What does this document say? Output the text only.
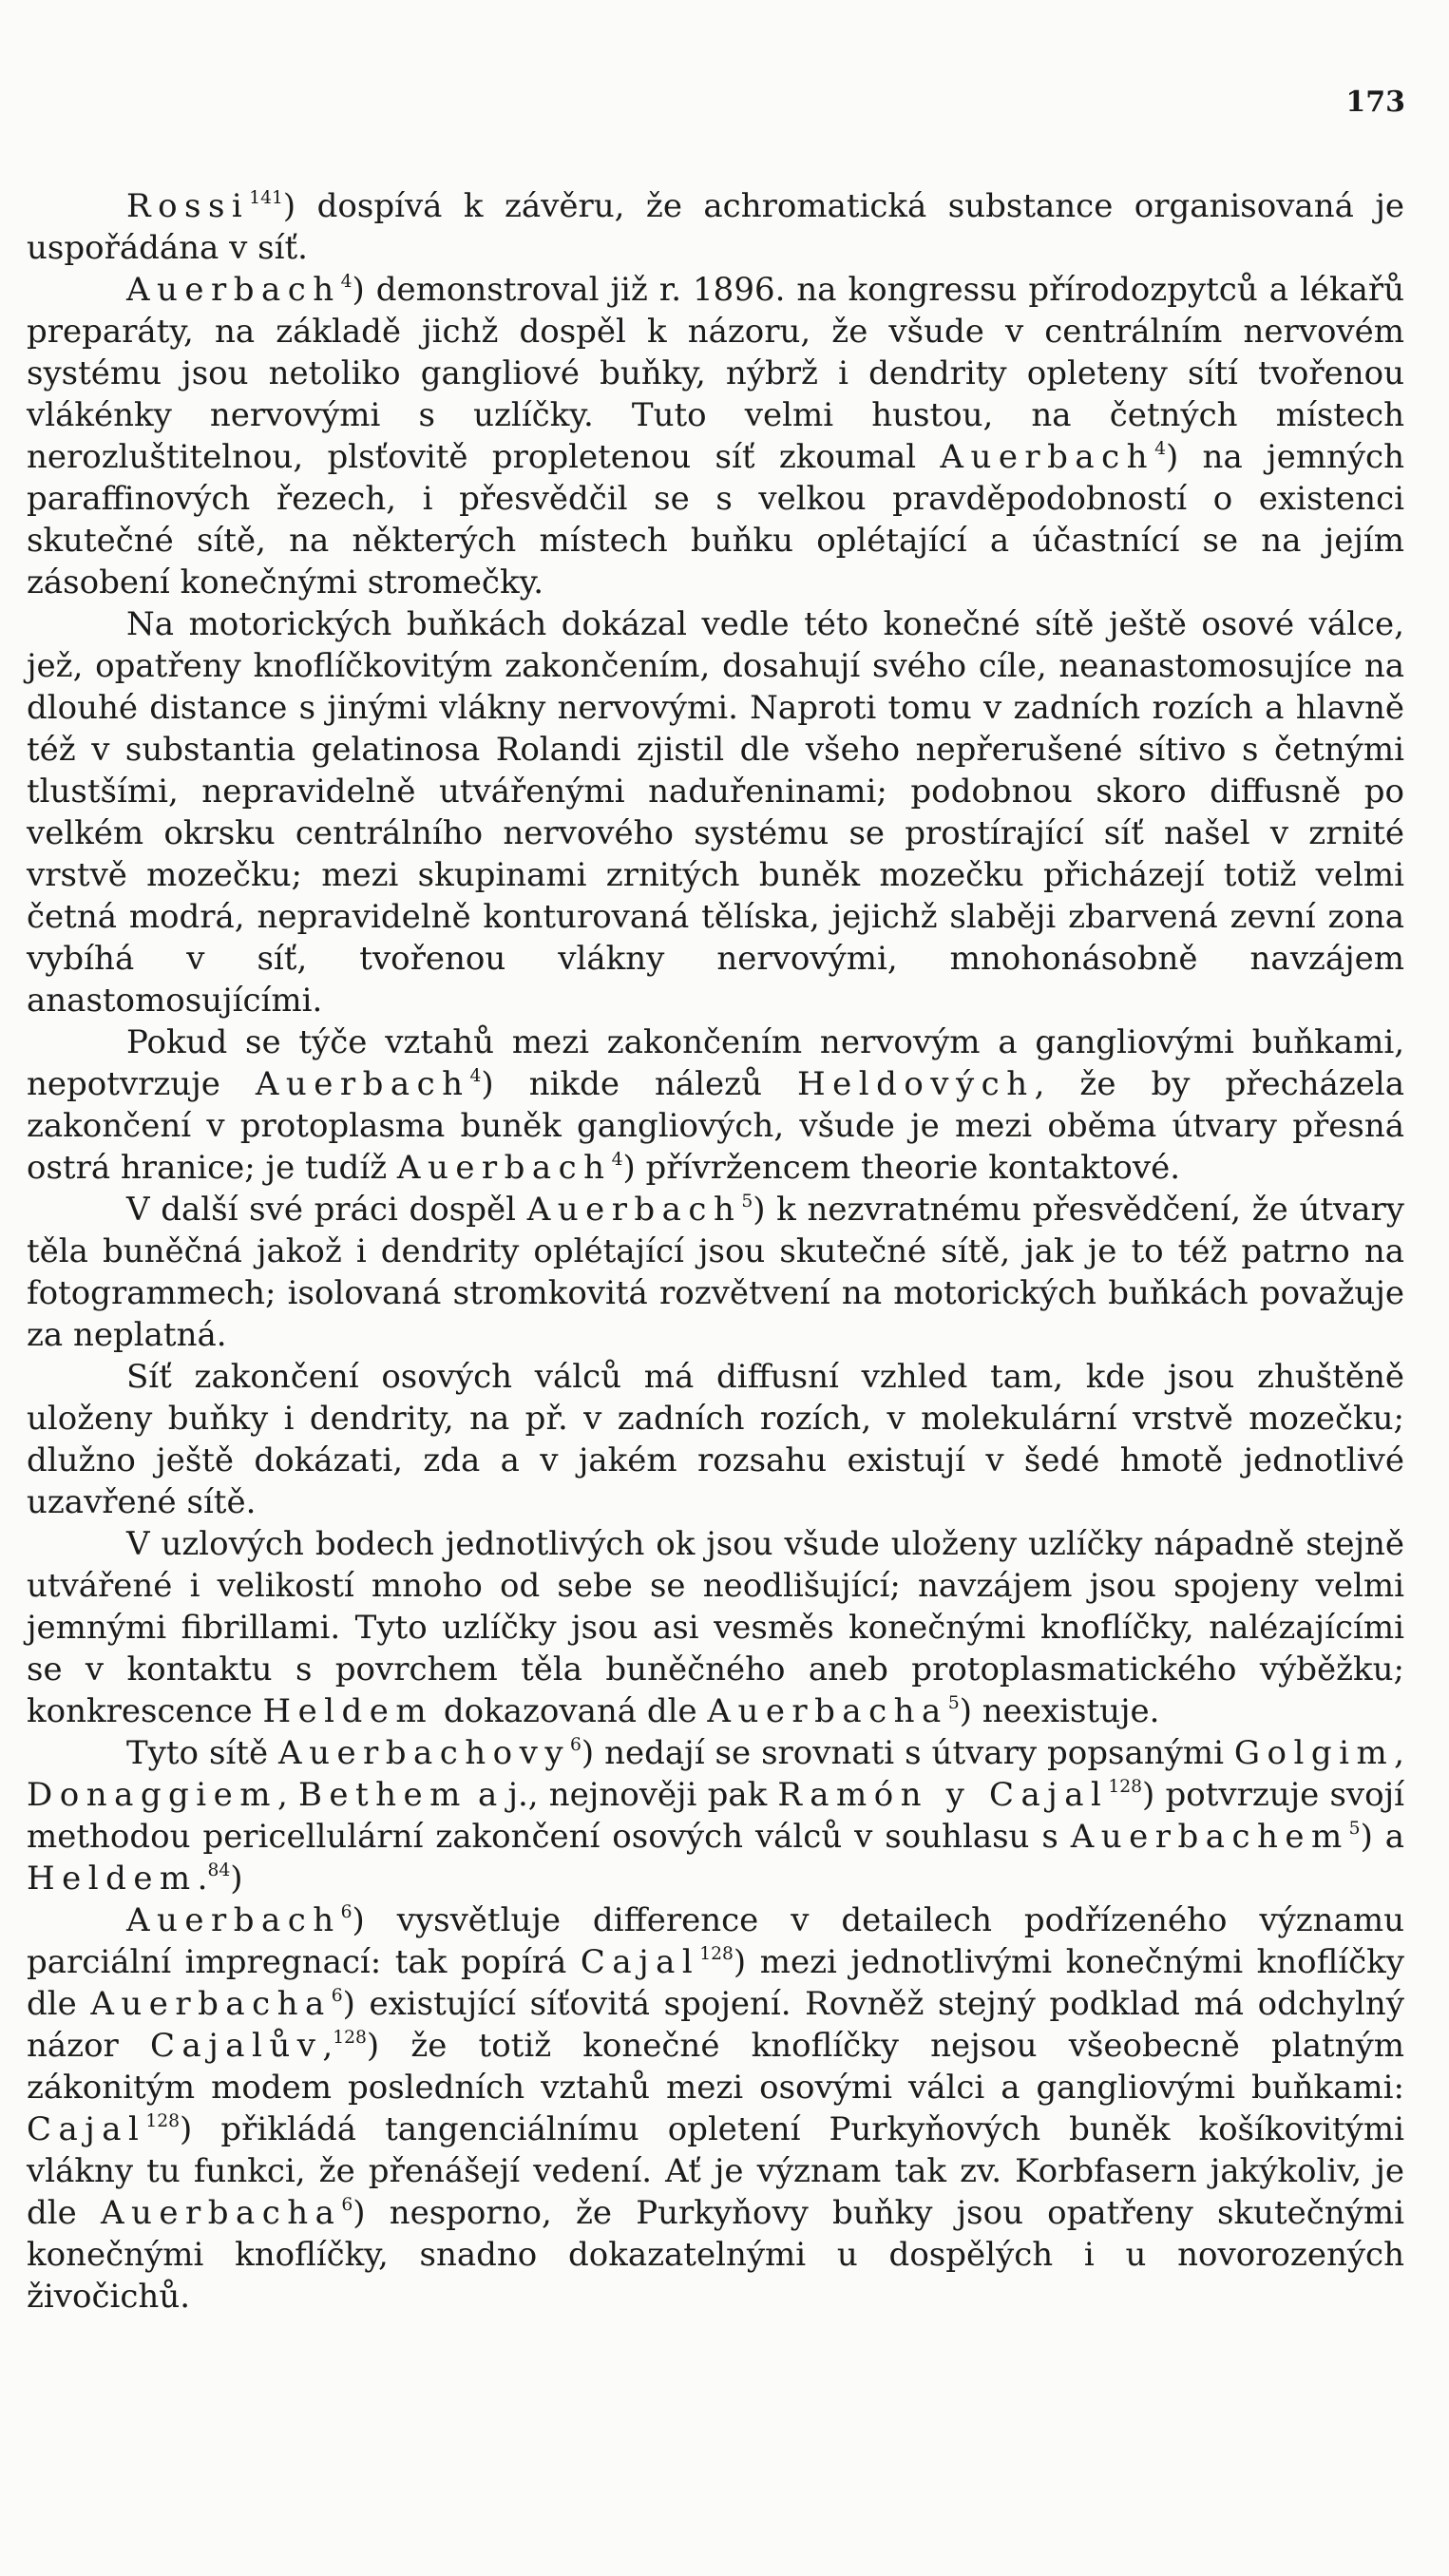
173

Rossi$^{141}$) dospívá k závěru, že achromatická substance organisovaná je uspořádána v síť.

Auerbach$^4$) demonstroval již r. 1896. na kongressu přírodozpytců a lékařů preparáty, na základě jichž dospěl k názoru, že všude v centrálním nervovém systému jsou netoliko gangliové buňky, nýbrž i dendrity opleteny sítí tvořenou vlákénky nervovými s uzlíčky. Tuto velmi hustou, na četných místech nerozluštitelnou, plsťovitě propletenou síť zkoumal Auerbach$^4$) na jemných paraffinových řezech, i přesvědčil se s velkou pravděpodobností o existenci skutečné sítě, na některých místech buňku oplétající a účastnící se na jejím zásobení konečnými stromečky.

Na motorických buňkách dokázal vedle této konečné sítě ještě osové válce, jež, opatřeny knoflíčkovitým zakončením, dosahují svého cíle, neanastomosujíce na dlouhé distance s jinými vlákny nervovými. Naproti tomu v zadních rozích a hlavně též v substantia gelatinosa Rolandi zjistil dle všeho nepřerušené sítivo s četnými tlustšími, nepravidelně utvářenými naduřeninami; podobnou skoro diffusně po velkém okrsku centrálního nervového systému se prostírající síť našel v zrnité vrstvě mozečku; mezi skupinami zrnitých buněk mozečku přicházejí totiž velmi četná modrá, nepravidelně konturovaná tělíska, jejichž slaběji zbarvená zevní zona vybíhá v síť, tvořenou vlákny nervovými, mnohonásobně navzájem anastomosujícími.

Pokud se týče vztahů mezi zakončením nervovým a gangliovými buňkami, nepotvrzuje Auerbach$^4$) nikde nálezů Heldových, že by přecházela zakončení v protoplasma buněk gangliových, všude je mezi oběma útvary přesná ostrá hranice; je tudíž Auerbach$^4$) přívržencem theorie kontaktové.

V další své práci dospěl Auerbach$^5$) k nezvratnému přesvědčení, že útvary těla buněčná jakož i dendrity oplétající jsou skutečné sítě, jak je to též patrno na fotogrammech; isolovaná stromkovitá rozvětvení na motorických buňkách považuje za neplatná.

Síť zakončení osových válců má diffusní vzhled tam, kde jsou zhuštěně uloženy buňky i dendrity, na př. v zadních rozích, v molekulární vrstvě mozečku; dlužno ještě dokázati, zda a v jakém rozsahu existují v šedé hmotě jednotlivé uzavřené sítě.

V uzlových bodech jednotlivých ok jsou všude uloženy uzlíčky nápadně stejně utvářené i velikostí mnoho od sebe se neodlišující; navzájem jsou spojeny velmi jemnými fibrillami. Tyto uzlíčky jsou asi vesměs konečnými knoflíčky, nalézajícími se v kontaktu s povrchem těla buněčného aneb protoplasmatického výběžku; konkrescence Heldem dokazovaná dle Auerbacha$^5$) neexistuje.

Tyto sítě Auerbachovy$^6$) nedají se srovnati s útvary popsanými Golgim, Donaggiem, Bethem a j., nejnověji pak Ramón y Cajal$^{128}$) potvrzuje svojí methodou pericellulární zakončení osových válců v souhlasu s Auerbachem$^5$) a Heldem.$^{84}$)

Auerbach$^6$) vysvětluje differencе v detailech podřízeného významu parciální impregnací: tak popírá Cajal$^{128}$) mezi jednotlivými konečnými knoflíčky dle Auerbacha$^6$) existující síťovitá spojení. Rovněž stejný podklad má odchylný názor Cajalův,$^{128}$) že totiž konečné knoflíčky nejsou všeobecně platným zákonitým modem posledních vztahů mezi osovými válci a gangliovými buňkami: Cajal$^{128}$) přikládá tangenciálnímu opletení Purkyňových buněk košíkovitými vlákny tu funkci, že přenášejí vedení. Ať je význam tak zv. Korbfasern jakýkoliv, je dle Auerbacha$^6$) nesporno, že Purkyňovy buňky jsou opatřeny skutečnými konečnými knoflíčky, snadno dokazatelnými u dospělých i u novorozených živočichů.
